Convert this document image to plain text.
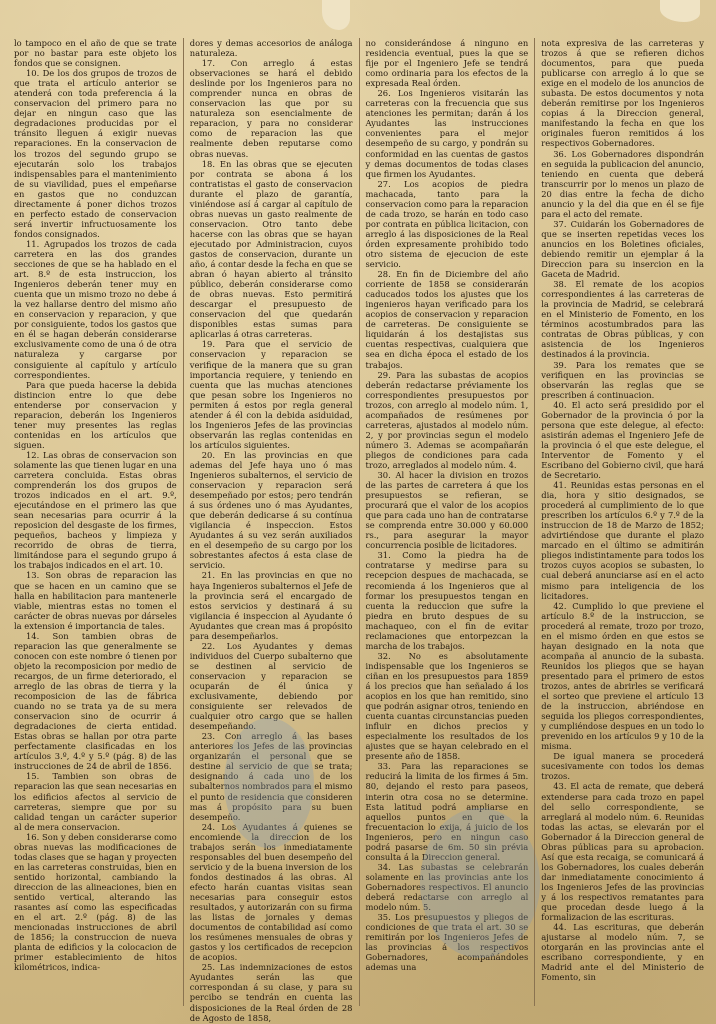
lo tampoco en el año de que se trate por no bastar para este objeto los fondos que se consignen.

10. De los dos grupos de trozos de que trata el artículo anterior se atenderá con toda preferencia á la conservacion del primero para no dejar en ningun caso que las degradaciones producidas por el tránsito lleguen á exigir nuevas reparaciones. En la conservacion de los trozos del segundo grupo se ejecutarán solo los trabajos indispensables para el mantenimiento de su viavilidad, pues el empeñarse en gastos que no conduzcan directamente á poner dichos trozos en perfecto estado de conservacion será invertir infructuosamente los fondos consignados.

11. Agrupados los trozos de cada carretera en las dos grandes secciones de que se ha hablado en el art. 8.º de esta instruccion, los Ingenieros deberán tener muy en cuenta que un mismo trozo no debe á la vez hallarse dentro del mismo año en conservacion y reparacion, y que por consiguiente, todos los gastos que en él se hagan deberán considerarse exclusivamente como de una ó de otra naturaleza y cargarse por consiguiente al capítulo y artículo correspondientes.

Para que pueda hacerse la debida distincion entre lo que debe entenderse por conservacion y reparacion, deberán los Ingenieros tener muy presentes las reglas contenidas en los artículos que siguen.

12. Las obras de conservacion son solamente las que tienen lugar en una carretera concluida. Estas obras comprenderán los dos grupos de trozos indicados en el art. 9.º, ejecutándose en el primero las que sean necesarias para ocurrir á la reposicion del desgaste de los firmes, pequeños, bacheos y limpieza y recorrido de obras de tierra, limitándose para el segundo grupo á los trabajos indicados en el art. 10.

13. Son obras de reparacion las que se hacen en un camino que se halla en habilitacion para mantenerle viable, mientras estas no tomen el carácter de obras nuevas por dárseles la extension é importancia de tales.

14. Son tambien obras de reparacion las que generalmente se conocen con este nombre ó tienen por objeto la recomposicion por medio de recargos, de un firme deteriorado, el arreglo de las obras de tierra y la recomposicion de las de fábrica cuando no se trata ya de su mera conservacion sino de ocurrir á degradaciones de cierta entidad. Estas obras se hallan por otra parte perfectamente clasificadas en los artículos 3.º, 4.º y 5.º (pág. 8) de las instrucciones de 24 de abril de 1856.

15. Tambien son obras de reparacion las que sean necesarias en los edificios afectos al servicio de carreteras, siempre que por su calidad tengan un carácter superior al de mera conservacion.

16. Son y deben considerarse como obras nuevas las modificaciones de todas clases que se hagan y proyecten en las carreteras construidas, bien en sentido horizontal, cambiando la direccion de las alineaciones, bien en sentido vertical, alterando las rasantes así como las especificadas en el art. 2.º (pág. 8) de las mencionadas instrucciones de abril de 1856; la construccion de nueva planta de edificios y la colocacion de primer establecimiento de hitos kilométricos, indica-

dores y demas accesorios de análoga naturaleza.

17. Con arreglo á estas observaciones se hará el debido deslinde por los Ingenieros para no comprender nunca en obras de conservacion las que por su naturaleza son esencialmente de reparacion, y para no considerar como de reparacion las que realmente deben reputarse como obras nuevas.

18. En las obras que se ejecuten por contrata se abona á los contratistas el gasto de conservacion durante el plazo de garantía, viniéndose así á cargar al capítulo de obras nuevas un gasto realmente de conservacion. Otro tanto debe hacerse con las obras que se hayan ejecutado por Administracion, cuyos gastos de conservacion, durante un año, á contar desde la fecha en que se abran ó hayan abierto al tránsito público, deberán considerarse como de obras nuevas. Esto permitirá descargar el presupuesto de conservacion del que quedarán disponibles estas sumas para aplicarlas á otras carreteras.

19. Para que el servicio de conservacion y reparacion se verifique de la manera que su gran importancia requiere, y teniendo en cuenta que las muchas atenciones que pesan sobre los Ingenieros no permiten á estos por regla general atender á él con la debida asiduidad, los Ingenieros Jefes de las provincias observarán las reglas contenidas en los artículos siguientes.

20. En las provincias en que ademas del Jefe haya uno ó mas Ingenieros subalternos, el servicio de conservacion y reparacion será desempeñado por estos; pero tendrán á sus órdenes uno ó mas Ayudantes, que deberán dedicarse á su contínua vigilancia é inspeccion. Estos Ayudantes á su vez serán auxiliados en el desempeño de su cargo por los sobrestantes afectos á esta clase de servicio.

21. En las provincias en que no haya Ingenieros subalternos el Jefe de la provincia será el encargado de estos servicios y destinará á su vigilancia é inspeccion al Ayudante ó Ayudantes que crean mas á propósito para desempeñarlos.

22. Los Ayudantes y demas individuos del Cuerpo subalterno que se destinen al servicio de conservacion y reparacion se ocuparán de él única y exclusivamente, debiendo por consiguiente ser relevados de cualquier otro cargo que se hallen desempeñando.

23. Con arreglo á las bases anteriores los Jefes de las provincias organizarán el personal que se destine al servicio de que se trata; designando á cada uno de los subalternos nombrados para el mismo el punto de residencia que consideren mas á propósito para su buen desempeño.

24. Los Ayudantes á quienes se encomiende la direccion de los trabajos serán los inmediatamente responsables del buen desempeño del servicio y de la buena inversion de los fondos destinados á las obras. Al efecto harán cuantas visitas sean necesarias para conseguir estos resultados, y autorizarán con su firma las listas de jornales y demas documentos de contabilidad así como los resúmenes mensuales de obras y gastos y los certificados de recepcion de acopios.

25. Las indemnizaciones de estos Ayudantes serán las que correspondan á su clase, y para su percibo se tendrán en cuenta las disposiciones de la Real órden de 28 de Agosto de 1858,

no considerándose á ninguno en residencia eventual, pues la que se fije por el Ingeniero Jefe se tendrá como ordinaria para los efectos de la expresada Real órden.

26. Los Ingenieros visitarán las carreteras con la frecuencia que sus atenciones les permitan; darán á los Ayudantes las instrucciones convenientes para el mejor desempeño de su cargo, y pondrán su conformidad en las cuentas de gastos y demas documentos de todas clases que firmen los Ayudantes.

27. Los acopios de piedra machacada, tanto para la conservacion como para la reparacion de cada trozo, se harán en todo caso por contrata en pública licitacion, con arreglo á las disposiciones de la Real órden expresamente prohibido todo otro sistema de ejecucion de este servicio.

28. En fin de Diciembre del año corriente de 1858 se considerarán caducados todos los ajustes que los ingenieros hayan verificado para los acopios de conservacion y reparacion de carreteras. De consiguiente se liquidarán á los destajistas sus cuentas respectivas, cualquiera que sea en dicha época el estado de los trabajos.

29. Para las subastas de acopios deberán redactarse préviamente los correspondientes presupuestos por trozos, con arreglo al modelo núm. 1, acompañados de resúmenes por carreteras, ajustados al modelo núm. 2, y por provincias segun el modelo número 3. Ademas se acompañarán pliegos de condiciones para cada trozo, arreglados al modelo núm. 4.

30. Al hacer la division en trozos de las partes de carretera á que los presupuestos se refieran, se procurará que el valor de los acopios que para cada uno han de contratarse se comprenda entre 30.000 y 60.000 rs., para asegurar la mayor concurrencia posible de licitadores.

31. Como la piedra ha de contratarse y medirse para su recepcion despues de machacada, se recomienda á los Ingenieros que al formar los presupuestos tengan en cuenta la reduccion que sufre la piedra en bruto despues de su machaqueo, con el fin de evitar reclamaciones que entorpezcan la marcha de los trabajos.

32. No es absolutamente indispensable que los Ingenieros se ciñan en los presupuestos para 1859 á los precios que han señalado á los acopios en los que han remitido, sino que podrán asignar otros, teniendo en cuenta cuantas circunstancias pueden influir en dichos precios y especialmente los resultados de los ajustes que se hayan celebrado en el presente año de 1858.

33. Para las reparaciones se reducirá la limita de los firmes á 5m. 80, dejando el resto para paseos, interin otra cosa no se determine. Esta latitud podrá ampliarse en aquellos puntos en que la frecuentacion lo exija, á juicio de los Ingenieros, pero en ningun caso podrá pasarse de 6m. 50 sin prévia consulta á la Direccion general.

34. Las subastas se celebrarán solamente en las provincias ante los Gobernadores respectivos. El anuncio deberá redactarse con arreglo al modelo núm. 5.

35. Los presupuestos y pliegos de condiciones de que trata el art. 30 se remitirán por los Ingenieros Jefes de las provincias á los respectivos Gobernadores, acompañándoles ademas una

nota expresiva de las carreteras y trozos á que se refieren dichos documentos, para que pueda publicarse con arreglo á lo que se exige en el modelo de los anuncios de subasta. De estos documentos y nota deberán remitirse por los Ingenieros copias á la Direccion general, manifestando la fecha en que los originales fueron remitidos á los respectivos Gobernadores.

36. Los Gobernadores dispondrán en seguida la publicacion del anuncio, teniendo en cuenta que deberá transcurrir por lo menos un plazo de 20 dias entre la fecha de dicho anuncio y la del dia que en él se fije para el acto del remate.

37. Cuidarán los Gobernadores de que se inserten repetidas veces los anuncios en los Boletines oficiales, debiendo remitir un ejemplar á la Direccion para su insercion en la Gaceta de Madrid.

38. El remate de los acopios correspondientes á las carreteras de la provincia de Madrid, se celebrará en el Ministerio de Fomento, en los términos acostumbrados para las contratas de Obras públicas, y con asistencia de los Ingenieros destinados á la provincia.

39. Para los remates que se verifiquen en las provincias se observarán las reglas que se prescriben á continuacion.

40. El acto será presidido por el Gobernador de la provincia ó por la persona que este delegue, al efecto: asistirán ademas el Ingeniero Jefe de la provincia ó el que este delegue, el Interventor de Fomento y el Escribano del Gobierno civil, que hará de Secretario.

41. Reunidas estas personas en el dia, hora y sitio designados, se procederá al cumplimiento de lo que prescriben los artículos 6.º y 7.º de la instruccion de 18 de Marzo de 1852; advirtiéndose que durante el plazo marcado en el último se admitirán pliegos indistintamente para todos los trozos cuyos acopios se subasten, lo cual deberá anunciarse así en el acto mismo para inteligencia de los licitadores.

42. Cumplido lo que previene el artículo 8.º de la instruccion, se procederá al remate, trozo por trozo, en el mismo órden en que estos se hayan designado en la nota que acompaña al anuncio de la subasta. Reunidos los pliegos que se hayan presentado para el primero de estos trozos, antes de abrirles se verificará el sorteo que previene el artículo 13 de la instruccion, abriéndose en seguida los pliegos correspondientes, y cumpliéndose despues en un todo lo prevenido en los artículos 9 y 10 de la misma.

De igual manera se procederá sucesivamente con todos los demas trozos.

43. El acta de remate, que deberá extenderse para cada trozo en papel del sello correspondiente, se arreglará al modelo núm. 6. Reunidas todas las actas, se elevarán por el Gobernador á la Direccion general de Obras públicas para su aprobacion. Así que esta recaiga, se comunicará á los Gobernadores, los cuales deberán dar inmediatamente conocimiento á los Ingenieros Jefes de las provincias y á los respectivos rematantes para que procedan desde luego á la formalizacion de las escrituras.

44. Las escrituras, que deberán ajustarse al modelo núm. 7, se otorgarán en las provincias ante el escribano correspondiente, y en Madrid ante el del Ministerio de Fomento, sin
